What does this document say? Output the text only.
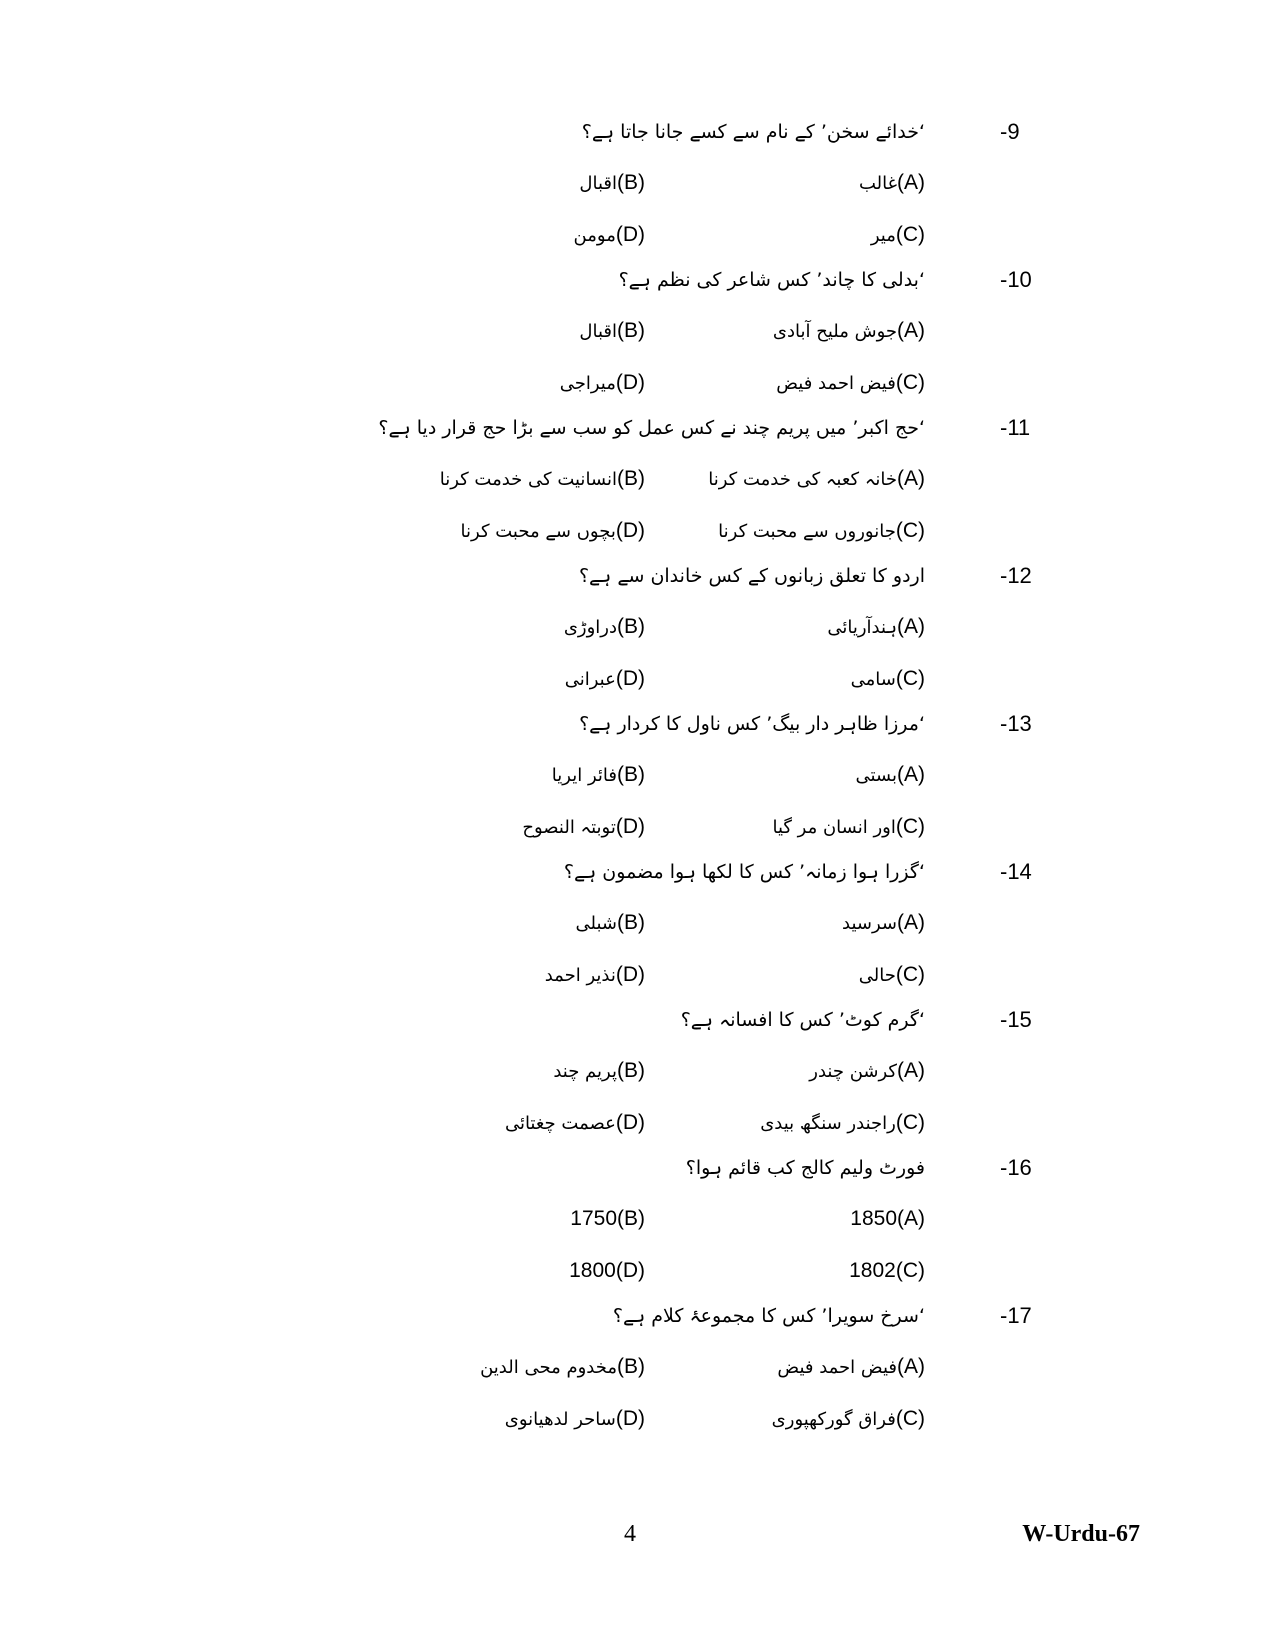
-9
‘خدائے سخن’ کے نام سے کسے جانا جاتا ہے؟
غالب(A)
اقبال(B)
میر(C)
مومن(D)
-10
‘بدلی کا چاند’ کس شاعر کی نظم ہے؟
جوش ملیح آبادی(A)
اقبال(B)
فیض احمد فیض(C)
میراجی(D)
-11
‘حج اکبر’ میں پریم چند نے کس عمل کو سب سے بڑا حج قرار دیا ہے؟
خانہ کعبہ کی خدمت کرنا(A)
انسانیت کی خدمت کرنا(B)
جانوروں سے محبت کرنا(C)
بچوں سے محبت کرنا(D)
-12
اردو کا تعلق زبانوں کے کس خاندان سے ہے؟
ہندآریائی(A)
دراوڑی(B)
سامی(C)
عبرانی(D)
-13
‘مرزا ظاہر دار بیگ’ کس ناول کا کردار ہے؟
بستی(A)
فائر ایریا(B)
اور انسان مر گیا(C)
توبتہ النصوح(D)
-14
‘گزرا ہوا زمانہ’ کس کا لکھا ہوا مضمون ہے؟
سرسید(A)
شبلی(B)
حالی(C)
نذیر احمد(D)
-15
‘گرم کوٹ’ کس کا افسانہ ہے؟
کرشن چندر(A)
پریم چند(B)
راجندر سنگھ بیدی(C)
عصمت چغتائی(D)
-16
فورٹ ولیم کالج کب قائم ہوا؟
1850(A)
1750(B)
1802(C)
1800(D)
-17
‘سرخ سویرا’ کس کا مجموعۂ کلام ہے؟
فیض احمد فیض(A)
مخدوم محی الدین(B)
فراق گورکھپوری(C)
ساحر لدھیانوی(D)
4	W-Urdu-67
